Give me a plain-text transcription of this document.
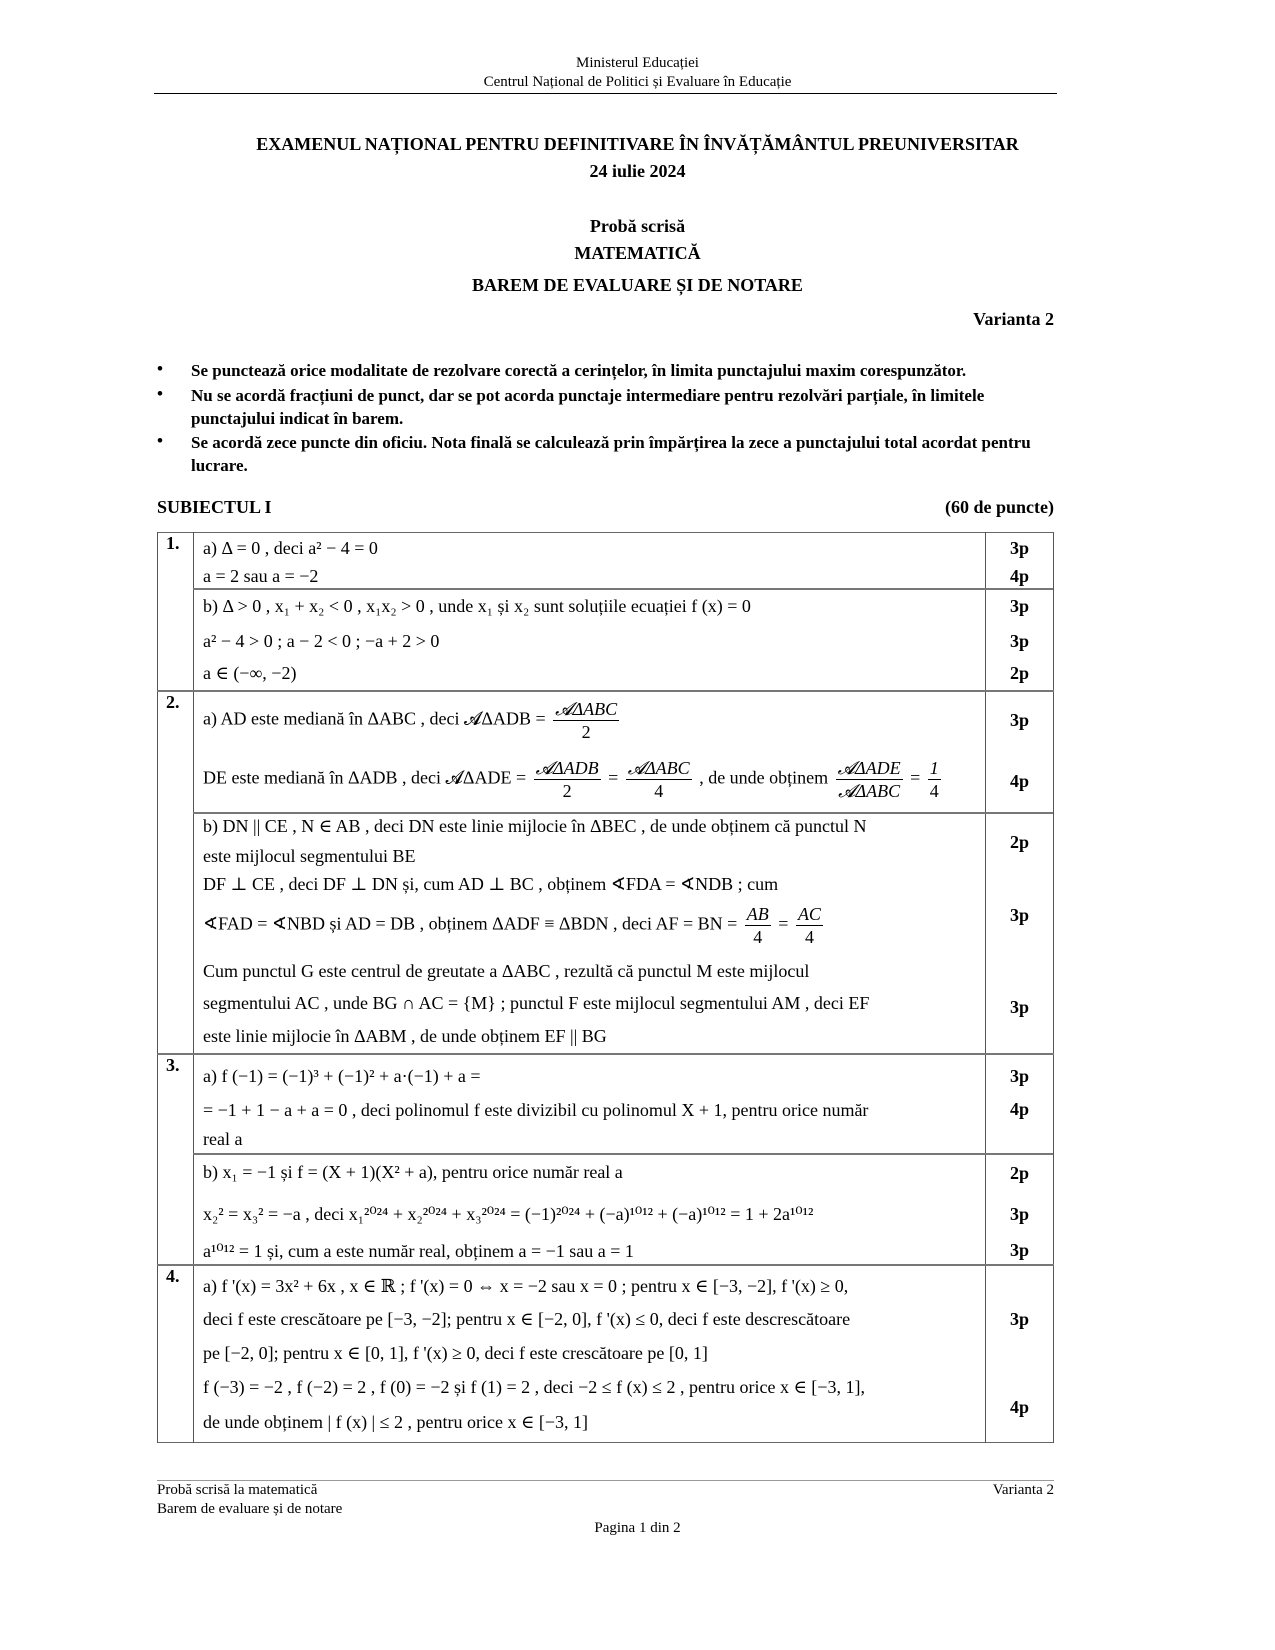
Ministerul Educației
Centrul Național de Politici și Evaluare în Educație
EXAMENUL NAȚIONAL PENTRU DEFINITIVARE ÎN ÎNVĂȚĂMÂNTUL PREUNIVERSITAR
24 iulie 2024
Probă scrisă
MATEMATICĂ
BAREM DE EVALUARE ȘI DE NOTARE
Varianta 2
• Se punctează orice modalitate de rezolvare corectă a cerințelor, în limita punctajului maxim corespunzător.
• Nu se acordă fracțiuni de punct, dar se pot acorda punctaje intermediare pentru rezolvări parțiale, în limitele punctajului indicat în barem.
• Se acordă zece puncte din oficiu. Nota finală se calculează prin împărțirea la zece a punctajului total acordat pentru lucrare.
SUBIECTUL I	(60 de puncte)
1.
2.
3.
4.
a) Δ = 0 , deci a² − 4 = 0
a = 2 sau a = −2
3p
4p
b) Δ > 0 , x₁ + x₂ < 0 , x₁x₂ > 0 , unde x₁ și x₂ sunt soluțiile ecuației f (x) = 0
a² − 4 > 0 ; a − 2 < 0 ; −a + 2 > 0
a ∈ (−∞, −2)
3p
3p
2p
a) AD este mediană în ΔABC , deci 𝓐ΔADB = $\frac{\text{𝓐ΔABC}}{2}$
DE este mediană în ΔADB , deci 𝓐ΔADE = $\frac{\text{𝓐ΔADB}}{2} = \frac{\text{𝓐ΔABC}}{4}$ , de unde obținem $\frac{\text{𝓐ΔADE}}{\text{𝓐ΔABC}} = \frac{1}{4}$
3p
4p
b) DN || CE , N ∈ AB , deci DN este linie mijlocie în ΔBEC , de unde obținem că punctul N
este mijlocul segmentului BE
DF ⊥ CE , deci DF ⊥ DN și, cum AD ⊥ BC , obținem ∢FDA = ∢NDB ; cum
∢FAD = ∢NBD și AD = DB , obținem ΔADF ≡ ΔBDN , deci AF = BN = $\frac{AB}{4} = \frac{AC}{4}$
Cum punctul G este centrul de greutate a ΔABC , rezultă că punctul M este mijlocul
segmentului AC , unde BG ∩ AC = {M} ; punctul F este mijlocul segmentului AM , deci EF
este linie mijlocie în ΔABM , de unde obținem EF || BG
2p
3p
3p
a) f (−1) = (−1)³ + (−1)² + a·(−1) + a =
= −1 + 1 − a + a = 0 , deci polinomul f este divizibil cu polinomul X + 1, pentru orice număr
real a
3p
4p
b) x₁ = −1 și f = (X + 1)(X² + a), pentru orice număr real a
x₂² = x₃² = −a , deci x₁²⁰²⁴ + x₂²⁰²⁴ + x₃²⁰²⁴ = (−1)²⁰²⁴ + (−a)¹⁰¹² + (−a)¹⁰¹² = 1 + 2a¹⁰¹²
a¹⁰¹² = 1 și, cum a este număr real, obținem a = −1 sau a = 1
2p
3p
3p
a) f '(x) = 3x² + 6x , x ∈ ℝ ; f '(x) = 0 ⇔ x = −2 sau x = 0 ; pentru x ∈ [−3, −2], f '(x) ≥ 0,
deci f este crescătoare pe [−3, −2]; pentru x ∈ [−2, 0], f '(x) ≤ 0, deci f este descrescătoare
pe [−2, 0]; pentru x ∈ [0, 1], f '(x) ≥ 0, deci f este crescătoare pe [0, 1]
f (−3) = −2 , f (−2) = 2 , f (0) = −2 și f (1) = 2 , deci −2 ≤ f (x) ≤ 2 , pentru orice x ∈ [−3, 1],
de unde obținem | f (x) | ≤ 2 , pentru orice x ∈ [−3, 1]
3p
4p
Probă scrisă la matematică
Barem de evaluare și de notare
Varianta 2
Pagina 1 din 2
